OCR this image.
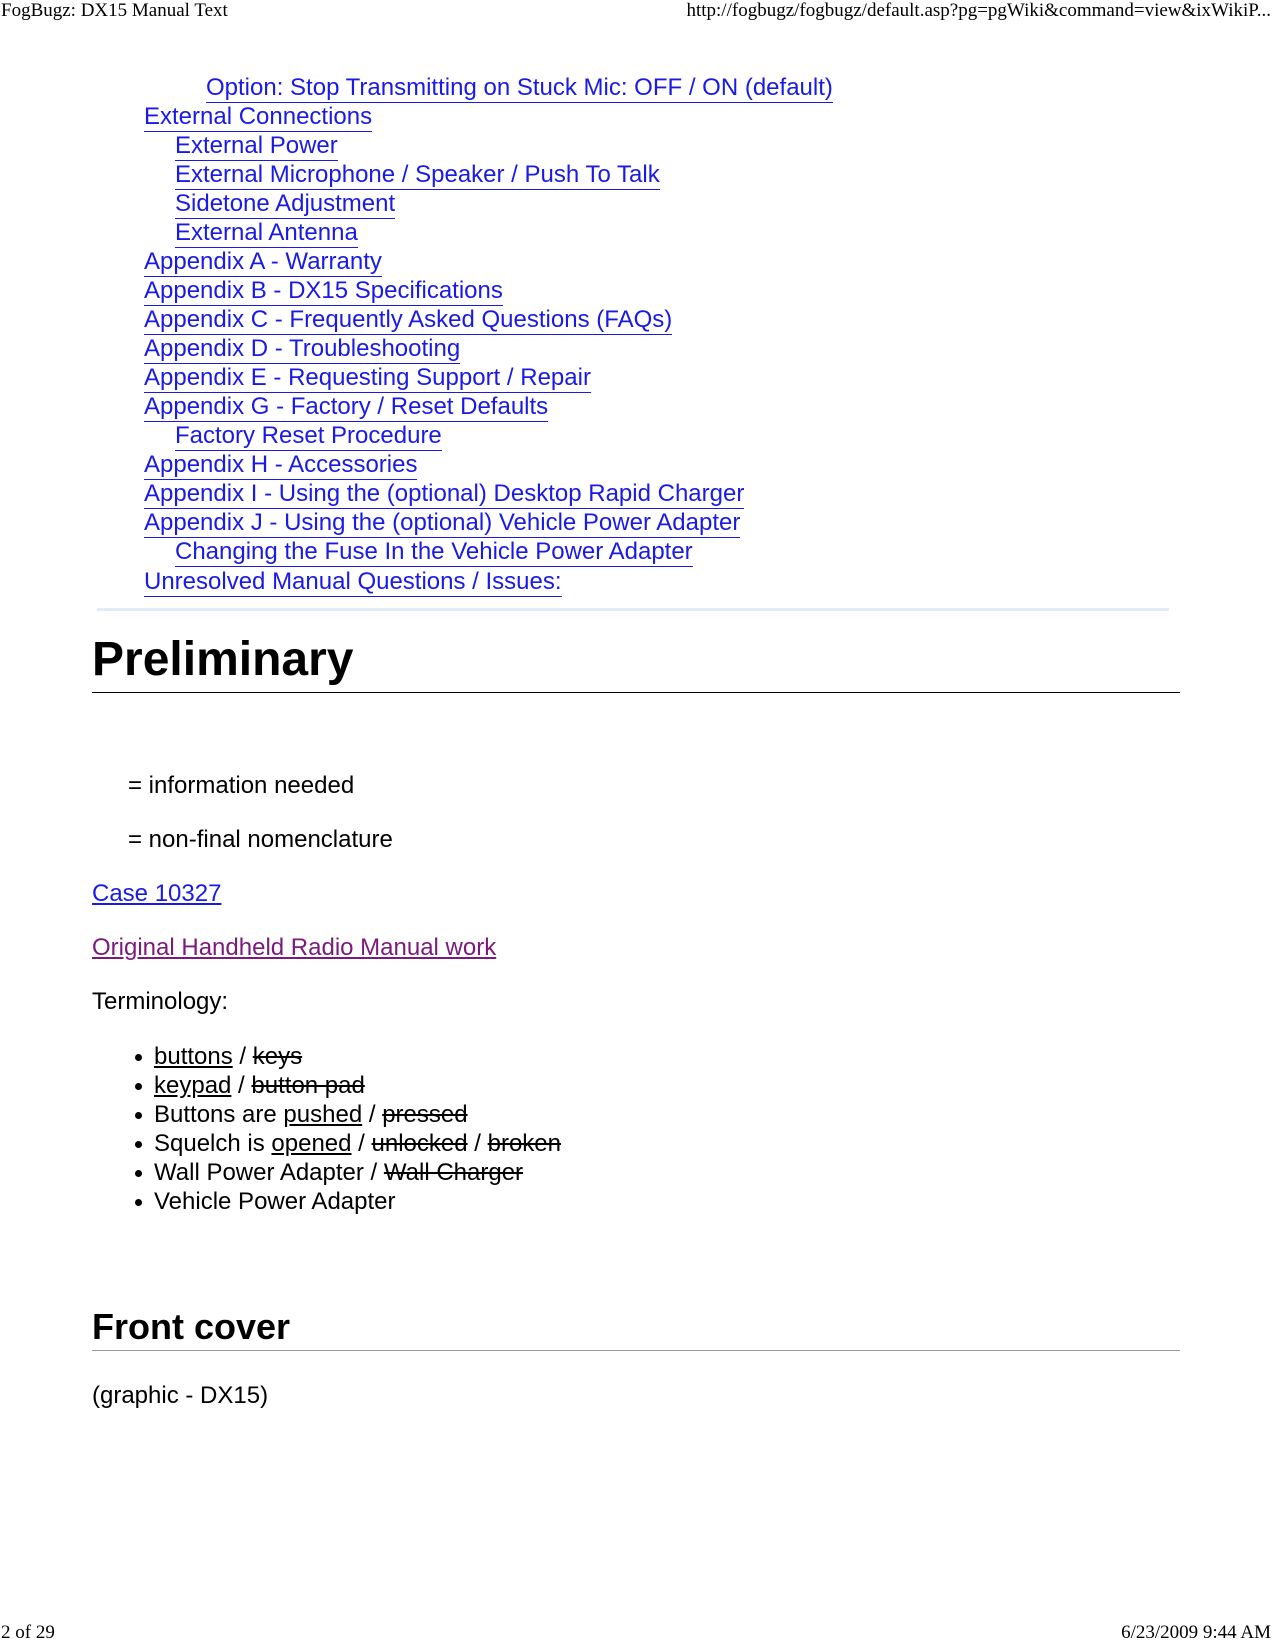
FogBugz: DX15 Manual Text	http://fogbugz/fogbugz/default.asp?pg=pgWiki&command=view&ixWikiP...
Option: Stop Transmitting on Stuck Mic: OFF / ON (default)
External Connections
External Power
External Microphone / Speaker / Push To Talk
Sidetone Adjustment
External Antenna
Appendix A - Warranty
Appendix B - DX15 Specifications
Appendix C - Frequently Asked Questions (FAQs)
Appendix D - Troubleshooting
Appendix E - Requesting Support / Repair
Appendix G - Factory / Reset Defaults
Factory Reset Procedure
Appendix H - Accessories
Appendix I - Using the (optional) Desktop Rapid Charger
Appendix J - Using the (optional) Vehicle Power Adapter
Changing the Fuse In the Vehicle Power Adapter
Unresolved Manual Questions / Issues:
Preliminary
= information needed
= non-final nomenclature
Case 10327
Original Handheld Radio Manual work
Terminology:
buttons / keys
keypad / button pad
Buttons are pushed / pressed
Squelch is opened / unlocked / broken
Wall Power Adapter / Wall Charger
Vehicle Power Adapter
Front cover
(graphic - DX15)
2 of 29	6/23/2009 9:44 AM
